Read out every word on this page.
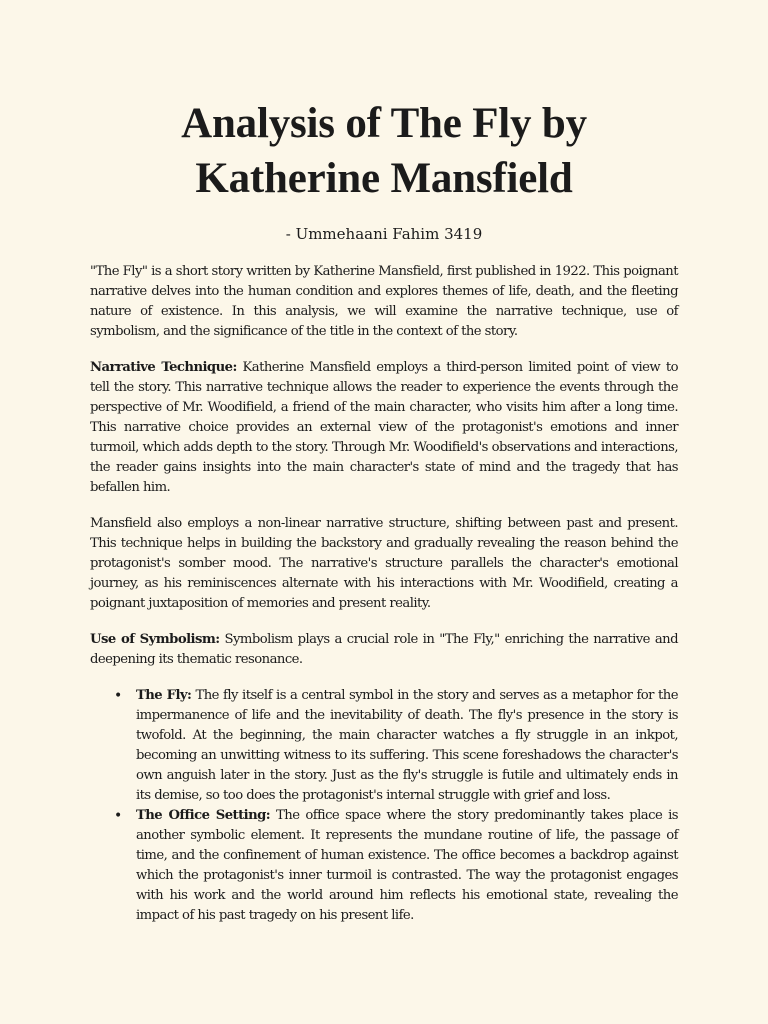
Analysis of The Fly by Katherine Mansfield

- Ummehaani Fahim 3419

"The Fly" is a short story written by Katherine Mansfield, first published in 1922. This poignant narrative delves into the human condition and explores themes of life, death, and the fleeting nature of existence. In this analysis, we will examine the narrative technique, use of symbolism, and the significance of the title in the context of the story.

Narrative Technique: Katherine Mansfield employs a third-person limited point of view to tell the story. This narrative technique allows the reader to experience the events through the perspective of Mr. Woodifield, a friend of the main character, who visits him after a long time. This narrative choice provides an external view of the protagonist's emotions and inner turmoil, which adds depth to the story. Through Mr. Woodifield's observations and interactions, the reader gains insights into the main character's state of mind and the tragedy that has befallen him.

Mansfield also employs a non-linear narrative structure, shifting between past and present. This technique helps in building the backstory and gradually revealing the reason behind the protagonist's somber mood. The narrative's structure parallels the character's emotional journey, as his reminiscences alternate with his interactions with Mr. Woodifield, creating a poignant juxtaposition of memories and present reality.

Use of Symbolism: Symbolism plays a crucial role in "The Fly," enriching the narrative and deepening its thematic resonance.

• The Fly: The fly itself is a central symbol in the story and serves as a metaphor for the impermanence of life and the inevitability of death. The fly's presence in the story is twofold. At the beginning, the main character watches a fly struggle in an inkpot, becoming an unwitting witness to its suffering. This scene foreshadows the character's own anguish later in the story. Just as the fly's struggle is futile and ultimately ends in its demise, so too does the protagonist's internal struggle with grief and loss.
• The Office Setting: The office space where the story predominantly takes place is another symbolic element. It represents the mundane routine of life, the passage of time, and the confinement of human existence. The office becomes a backdrop against which the protagonist's inner turmoil is contrasted. The way the protagonist engages with his work and the world around him reflects his emotional state, revealing the impact of his past tragedy on his present life.
